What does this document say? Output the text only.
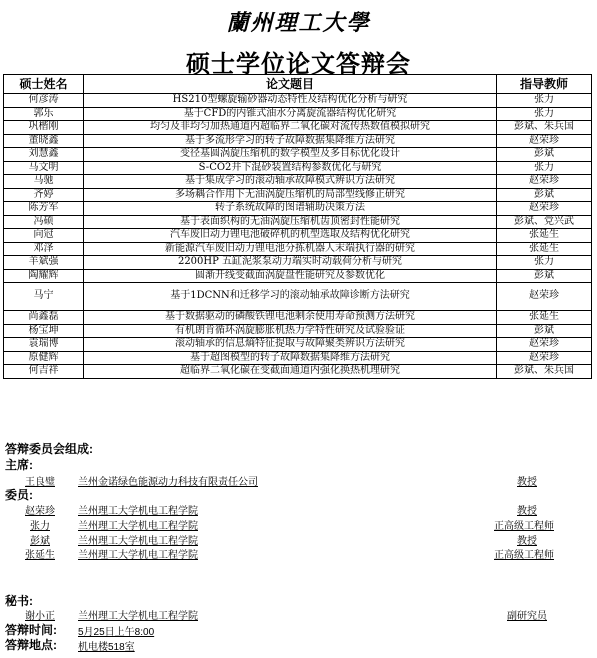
蘭州理工大學
硕士学位论文答辩会
硕士姓名	论文题目	指导教师
何彦涛	HS210型螺旋输砂器动态特性及结构优化分析与研究	张力
郭乐	基于CFD的内锥式油水分离旋流器结构优化研究	张力
巩楷刚	均匀及非均匀加热通道内超临界二氧化碳对流传热数值模拟研究	彭斌、朱兵国
董晓鑫	基于多流形学习的转子故障数据集降维方法研究	赵荣珍
刘慧鑫	变径基圆涡旋压缩机的数学模型及多目标优化设计	彭斌
马文明	S-CO2井下混砂装置结构参数优化与研究	张力
马驰	基于集成学习的滚动轴承故障模式辨识方法研究	赵荣珍
齐婷	多场耦合作用下无油涡旋压缩机的局部型线修正研究	彭斌
陈芳军	转子系统故障的图谱辅助决策方法	赵荣珍
冯硕	基于表面织构的无油涡旋压缩机齿顶密封性能研究	彭斌、党兴武
向冠	汽车废旧动力锂电池破碎机的机型选取及结构优化研究	张延生
邓泽	新能源汽车废旧动力锂电池分拣机器人末端执行器的研究	张延生
羊斌强	2200HP 五缸泥浆泵动力端实时动载荷分析与研究	张力
陶耀辉	圆渐开线变截面涡旋盘性能研究及参数优化	彭斌
马宁	基于1DCNN和迁移学习的滚动轴承故障诊断方法研究	赵荣珍
尚鑫磊	基于数据驱动的磷酸铁锂电池剩余使用寿命预测方法研究	张延生
杨宝坤	有机朗肯循环涡旋膨胀机热力学特性研究及试验验证	彭斌
袁瑞博	滚动轴承的信息熵特征提取与故障聚类辨识方法研究	赵荣珍
原健辉	基于超图模型的转子故障数据集降维方法研究	赵荣珍
何吉祥	超临界二氧化碳在变截面通道内强化换热机理研究	彭斌、朱兵国
答辩委员会组成:
主席:
王良璧	兰州金诺绿色能源动力科技有限责任公司	教授
委员:
赵荣珍	兰州理工大学机电工程学院	教授
张力	兰州理工大学机电工程学院	正高级工程师
彭斌	兰州理工大学机电工程学院	教授
张延生	兰州理工大学机电工程学院	正高级工程师
秘书:
谢小正	兰州理工大学机电工程学院	副研究员
答辩时间: 5月25日上午8:00
答辩地点: 机电楼518室
